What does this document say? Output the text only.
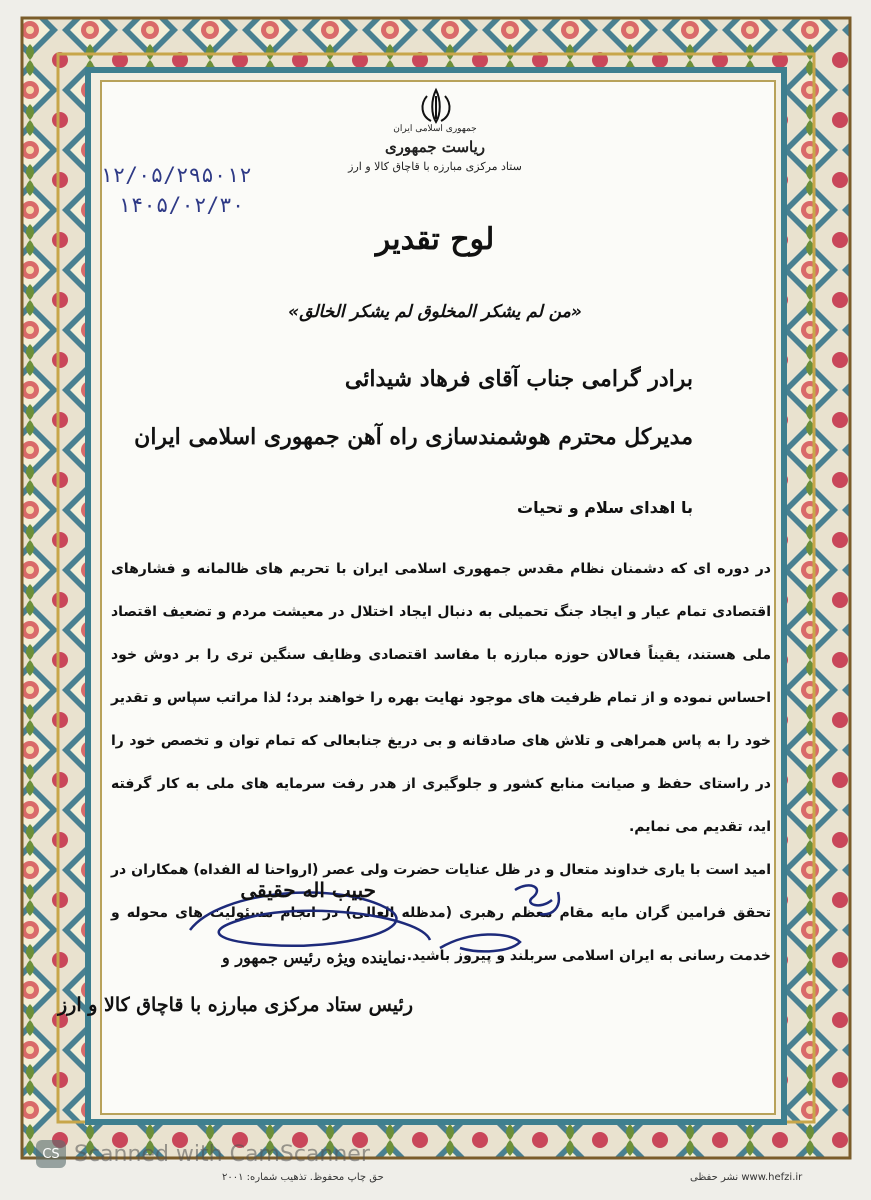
جمهوری اسلامی ایران
ریاست جمهوری
ستاد مرکزی مبارزه با قاچاق کالا و ارز
۱۲/۰۵/۲۹۵۰۱۲
۱۴۰۵/۰۲/۳۰
لوح تقدیر
«من لم یشکر المخلوق لم یشکر الخالق»
برادر گرامی جناب آقای فرهاد شیدائی
مدیرکل محترم هوشمندسازی راه آهن جمهوری اسلامی ایران
با اهدای سلام و تحیات

در دوره ای که دشمنان نظام مقدس جمهوری اسلامی ایران با تحریم های ظالمانه و فشارهای اقتصادی تمام عیار و ایجاد جنگ تحمیلی به دنبال ایجاد اختلال در معیشت مردم و تضعیف اقتصاد ملی هستند، یقیناً فعالان حوزه مبارزه با مفاسد اقتصادی وظایف سنگین تری را بر دوش خود احساس نموده و از تمام ظرفیت های موجود نهایت بهره را خواهند برد؛ لذا مراتب سپاس و تقدیر خود را به پاس همراهی و تلاش های صادقانه و بی دریغ جنابعالی که تمام توان و تخصص خود را در راستای حفظ و صیانت منابع کشور و جلوگیری از هدر رفت سرمایه های ملی به کار گرفته اید، تقدیم می نمایم.

امید است با یاری خداوند متعال و در ظل عنایات حضرت ولی عصر (ارواحنا له الفداه) همکاران در تحقق فرامین گران مایه مقام معظم رهبری (مدظله العالی) در انجام مسئولیت های محوله و خدمت رسانی به ایران اسلامی سربلند و پیروز باشید.

حبیب اله حقیقی
نماینده ویژه رئیس جمهور و
رئیس ستاد مرکزی مبارزه با قاچاق کالا و ارز
CS Scanned with CamScanner
حق چاپ محفوظ. تذهیب شماره: ۲۰۰۱	www.hefzi.ir نشر حفظی
